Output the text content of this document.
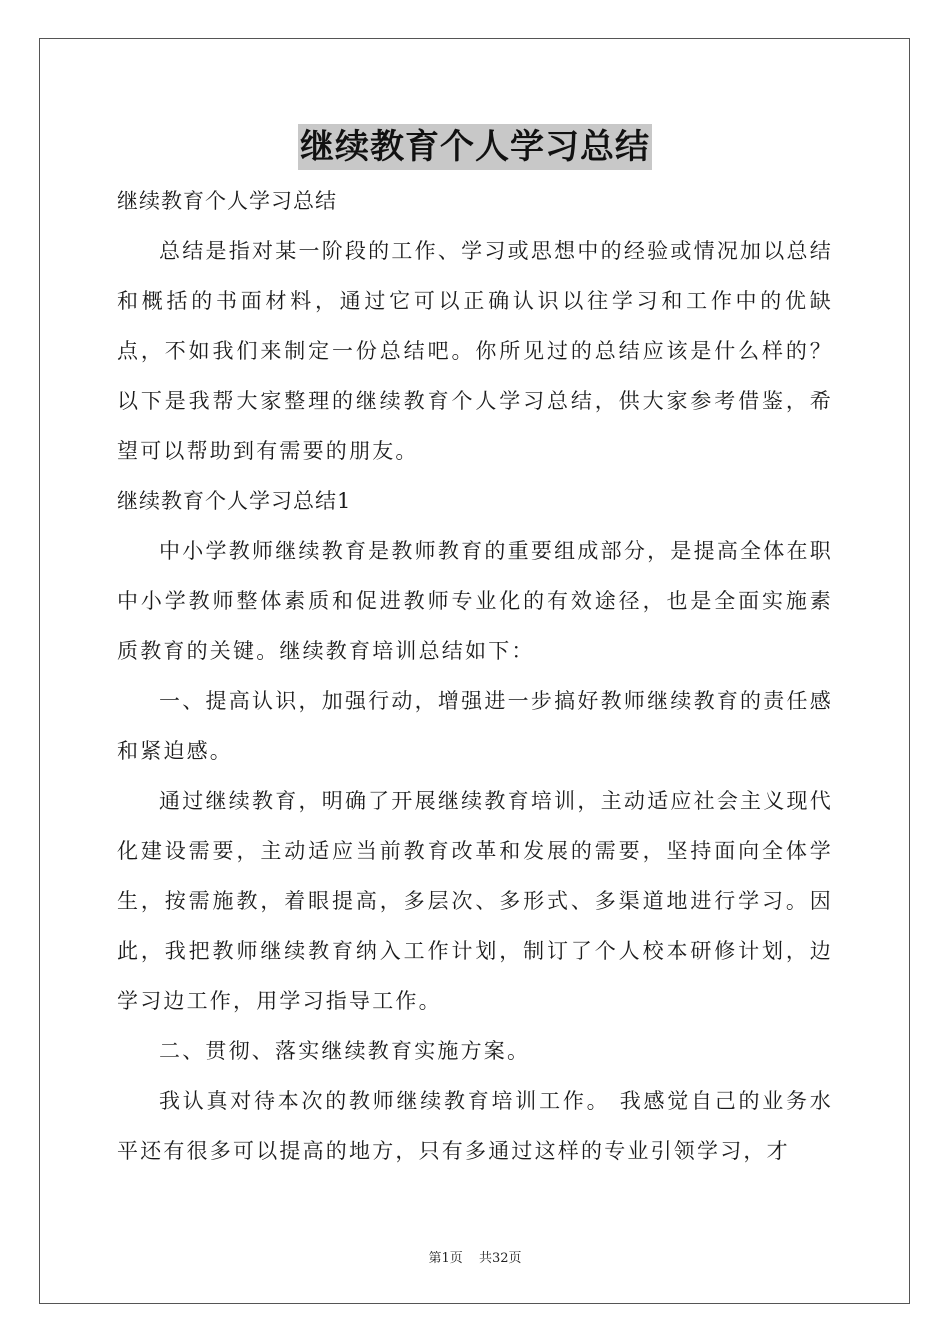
继续教育个人学习总结

继续教育个人学习总结

总结是指对某一阶段的工作、学习或思想中的经验或情况加以总结和概括的书面材料，通过它可以正确认识以往学习和工作中的优缺点，不如我们来制定一份总结吧。你所见过的总结应该是什么样的？以下是我帮大家整理的继续教育个人学习总结，供大家参考借鉴，希望可以帮助到有需要的朋友。

继续教育个人学习总结1

中小学教师继续教育是教师教育的重要组成部分，是提高全体在职中小学教师整体素质和促进教师专业化的有效途径，也是全面实施素质教育的关键。继续教育培训总结如下：

一、提高认识，加强行动，增强进一步搞好教师继续教育的责任感和紧迫感。

通过继续教育，明确了开展继续教育培训，主动适应社会主义现代化建设需要，主动适应当前教育改革和发展的需要，坚持面向全体学生，按需施教，着眼提高，多层次、多形式、多渠道地进行学习。因此，我把教师继续教育纳入工作计划，制订了个人校本研修计划，边学习边工作，用学习指导工作。

二、贯彻、落实继续教育实施方案。

我认真对待本次的教师继续教育培训工作。 我感觉自己的业务水平还有很多可以提高的地方，只有多通过这样的专业引领学习，才

第1页 共32页
